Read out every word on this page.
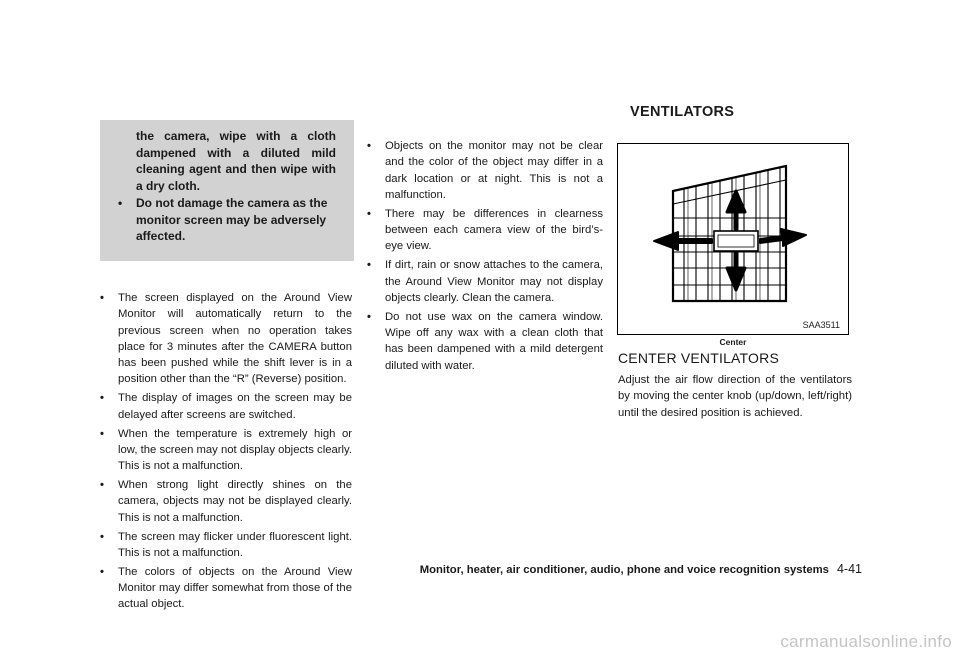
the camera, wipe with a cloth dampened with a diluted mild cleaning agent and then wipe with a dry cloth.

• Do not damage the camera as the monitor screen may be adversely affected.
• The screen displayed on the Around View Monitor will automatically return to the previous screen when no operation takes place for 3 minutes after the CAMERA button has been pushed while the shift lever is in a position other than the “R” (Reverse) position.
• The display of images on the screen may be delayed after screens are switched.
• When the temperature is extremely high or low, the screen may not display objects clearly. This is not a malfunction.
• When strong light directly shines on the camera, objects may not be displayed clearly. This is not a malfunction.
• The screen may flicker under fluorescent light. This is not a malfunction.
• The colors of objects on the Around View Monitor may differ somewhat from those of the actual object.
• Objects on the monitor may not be clear and the color of the object may differ in a dark location or at night. This is not a malfunction.
• There may be differences in clearness between each camera view of the bird’s-eye view.
• If dirt, rain or snow attaches to the camera, the Around View Monitor may not display objects clearly. Clean the camera.
• Do not use wax on the camera window. Wipe off any wax with a clean cloth that has been dampened with a mild detergent diluted with water.
VENTILATORS
SAA3511

Center

CENTER VENTILATORS

Adjust the air flow direction of the ventilators by moving the center knob (up/down, left/right) until the desired position is achieved.

Monitor, heater, air conditioner, audio, phone and voice recognition systems 4-41
carmanualsonline.info
